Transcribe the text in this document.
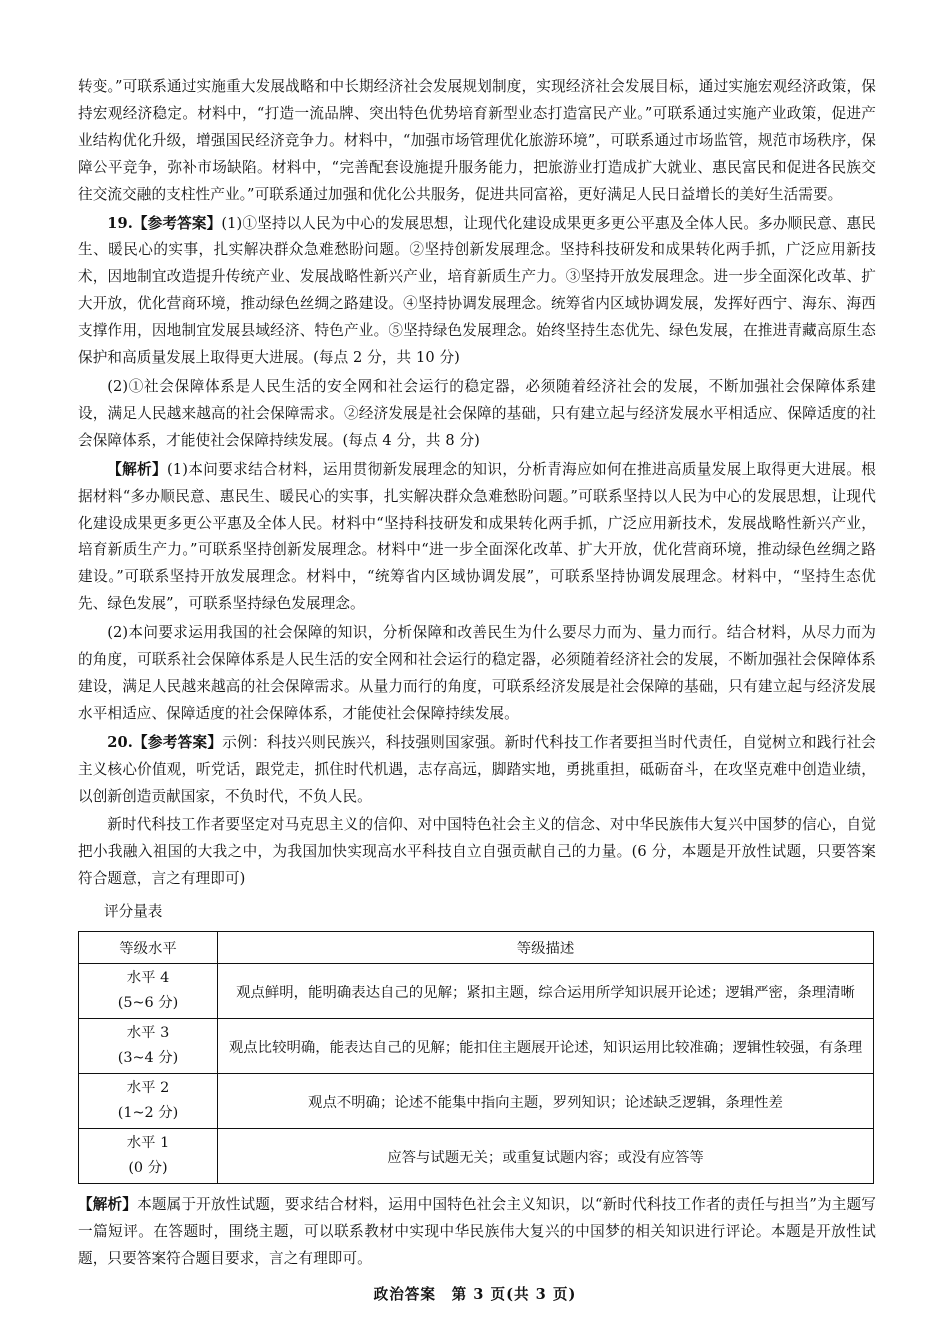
转变。”可联系通过实施重大发展战略和中长期经济社会发展规划制度，实现经济社会发展目标，通过实施宏观经济政策，保持宏观经济稳定。材料中，“打造一流品牌、突出特色优势培育新型业态打造富民产业。”可联系通过实施产业政策，促进产业结构优化升级，增强国民经济竞争力。材料中，“加强市场管理优化旅游环境”，可联系通过市场监管，规范市场秩序，保障公平竞争，弥补市场缺陷。材料中，“完善配套设施提升服务能力，把旅游业打造成扩大就业、惠民富民和促进各民族交往交流交融的支柱性产业。”可联系通过加强和优化公共服务，促进共同富裕，更好满足人民日益增长的美好生活需要。

19.【参考答案】(1)①坚持以人民为中心的发展思想，让现代化建设成果更多更公平惠及全体人民。多办顺民意、惠民生、暖民心的实事，扎实解决群众急难愁盼问题。②坚持创新发展理念。坚持科技研发和成果转化两手抓，广泛应用新技术，因地制宜改造提升传统产业、发展战略性新兴产业，培育新质生产力。③坚持开放发展理念。进一步全面深化改革、扩大开放，优化营商环境，推动绿色丝绸之路建设。④坚持协调发展理念。统筹省内区域协调发展，发挥好西宁、海东、海西支撑作用，因地制宜发展县域经济、特色产业。⑤坚持绿色发展理念。始终坚持生态优先、绿色发展，在推进青藏高原生态保护和高质量发展上取得更大进展。(每点 2 分，共 10 分)

(2)①社会保障体系是人民生活的安全网和社会运行的稳定器，必须随着经济社会的发展，不断加强社会保障体系建设，满足人民越来越高的社会保障需求。②经济发展是社会保障的基础，只有建立起与经济发展水平相适应、保障适度的社会保障体系，才能使社会保障持续发展。(每点 4 分，共 8 分)

【解析】(1)本问要求结合材料，运用贯彻新发展理念的知识，分析青海应如何在推进高质量发展上取得更大进展。根据材料“多办顺民意、惠民生、暖民心的实事，扎实解决群众急难愁盼问题。”可联系坚持以人民为中心的发展思想，让现代化建设成果更多更公平惠及全体人民。材料中“坚持科技研发和成果转化两手抓，广泛应用新技术，发展战略性新兴产业，培育新质生产力。”可联系坚持创新发展理念。材料中“进一步全面深化改革、扩大开放，优化营商环境，推动绿色丝绸之路建设。”可联系坚持开放发展理念。材料中，“统筹省内区域协调发展”，可联系坚持协调发展理念。材料中，“坚持生态优先、绿色发展”，可联系坚持绿色发展理念。

(2)本问要求运用我国的社会保障的知识，分析保障和改善民生为什么要尽力而为、量力而行。结合材料，从尽力而为的角度，可联系社会保障体系是人民生活的安全网和社会运行的稳定器，必须随着经济社会的发展，不断加强社会保障体系建设，满足人民越来越高的社会保障需求。从量力而行的角度，可联系经济发展是社会保障的基础，只有建立起与经济发展水平相适应、保障适度的社会保障体系，才能使社会保障持续发展。

20.【参考答案】示例：科技兴则民族兴，科技强则国家强。新时代科技工作者要担当时代责任，自觉树立和践行社会主义核心价值观，听党话，跟党走，抓住时代机遇，志存高远，脚踏实地，勇挑重担，砥砺奋斗，在攻坚克难中创造业绩，以创新创造贡献国家，不负时代，不负人民。

新时代科技工作者要坚定对马克思主义的信仰、对中国特色社会主义的信念、对中华民族伟大复兴中国梦的信心，自觉把小我融入祖国的大我之中，为我国加快实现高水平科技自立自强贡献自己的力量。(6 分，本题是开放性试题，只要答案符合题意，言之有理即可)

评分量表
等级水平	等级描述
水平 4
(5~6 分)	观点鲜明，能明确表达自己的见解；紧扣主题，综合运用所学知识展开论述；逻辑严密，条理清晰
水平 3
(3~4 分)	观点比较明确，能表达自己的见解；能扣住主题展开论述，知识运用比较准确；逻辑性较强，有条理
水平 2
(1~2 分)	观点不明确；论述不能集中指向主题，罗列知识；论述缺乏逻辑，条理性差
水平 1
(0 分)	应答与试题无关；或重复试题内容；或没有应答等

【解析】本题属于开放性试题，要求结合材料，运用中国特色社会主义知识，以“新时代科技工作者的责任与担当”为主题写一篇短评。在答题时，围绕主题，可以联系教材中实现中华民族伟大复兴的中国梦的相关知识进行评论。本题是开放性试题，只要答案符合题目要求，言之有理即可。

政治答案　第 3 页(共 3 页)
